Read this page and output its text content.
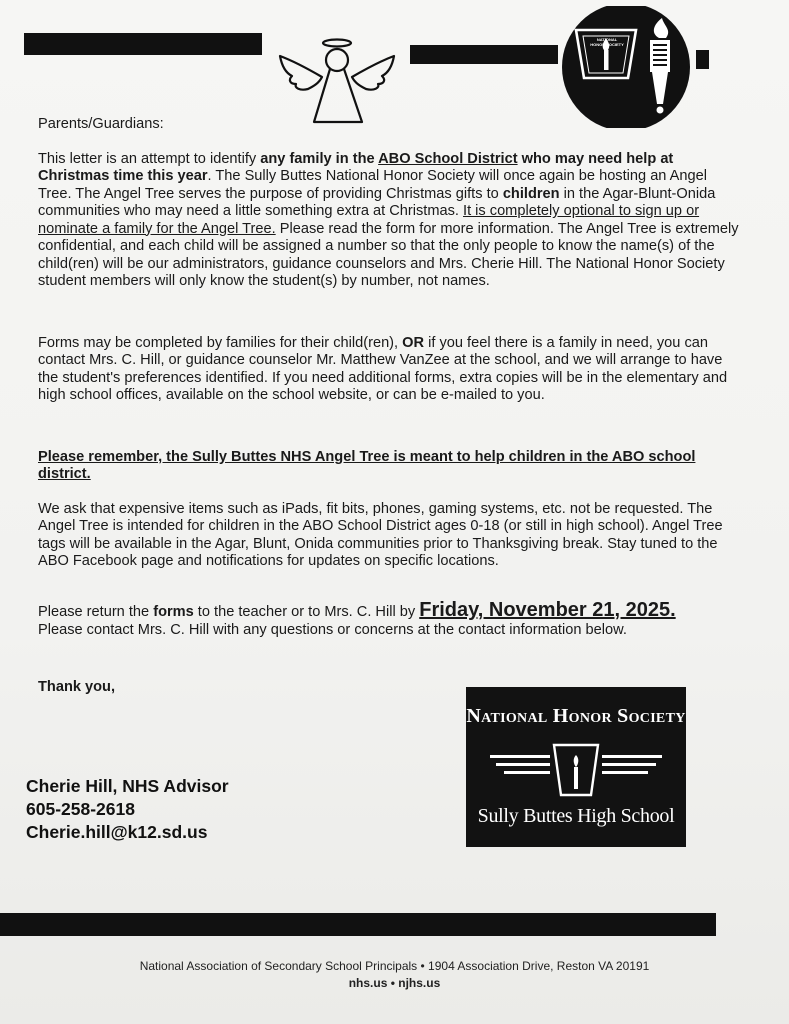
NATIONAL
HONOR SOCIETY

Parents/Guardians:

This letter is an attempt to identify any family in the ABO School District who may need help at Christmas time this year. The Sully Buttes National Honor Society will once again be hosting an Angel Tree. The Angel Tree serves the purpose of providing Christmas gifts to children in the Agar-Blunt-Onida communities who may need a little something extra at Christmas. It is completely optional to sign up or nominate a family for the Angel Tree. Please read the form for more information. The Angel Tree is extremely confidential, and each child will be assigned a number so that the only people to know the name(s) of the child(ren) will be our administrators, guidance counselors and Mrs. Cherie Hill. The National Honor Society student members will only know the student(s) by number, not names.

Forms may be completed by families for their child(ren), OR if you feel there is a family in need, you can contact Mrs. C. Hill, or guidance counselor Mr. Matthew VanZee at the school, and we will arrange to have the student's preferences identified. If you need additional forms, extra copies will be in the elementary and high school offices, available on the school website, or can be e-mailed to you.

Please remember, the Sully Buttes NHS Angel Tree is meant to help children in the ABO school district.

We ask that expensive items such as iPads, fit bits, phones, gaming systems, etc. not be requested. The Angel Tree is intended for children in the ABO School District ages 0-18 (or still in high school). Angel Tree tags will be available in the Agar, Blunt, Onida communities prior to Thanksgiving break. Stay tuned to the ABO Facebook page and notifications for updates on specific locations.

Please return the forms to the teacher or to Mrs. C. Hill by Friday, November 21, 2025.
Please contact Mrs. C. Hill with any questions or concerns at the contact information below.

Thank you,

Cherie Hill, NHS Advisor
605-258-2618
Cherie.hill@k12.sd.us
National Honor Society
Sully Buttes High School
National Association of Secondary School Principals • 1904 Association Drive, Reston VA 20191
nhs.us • njhs.us
